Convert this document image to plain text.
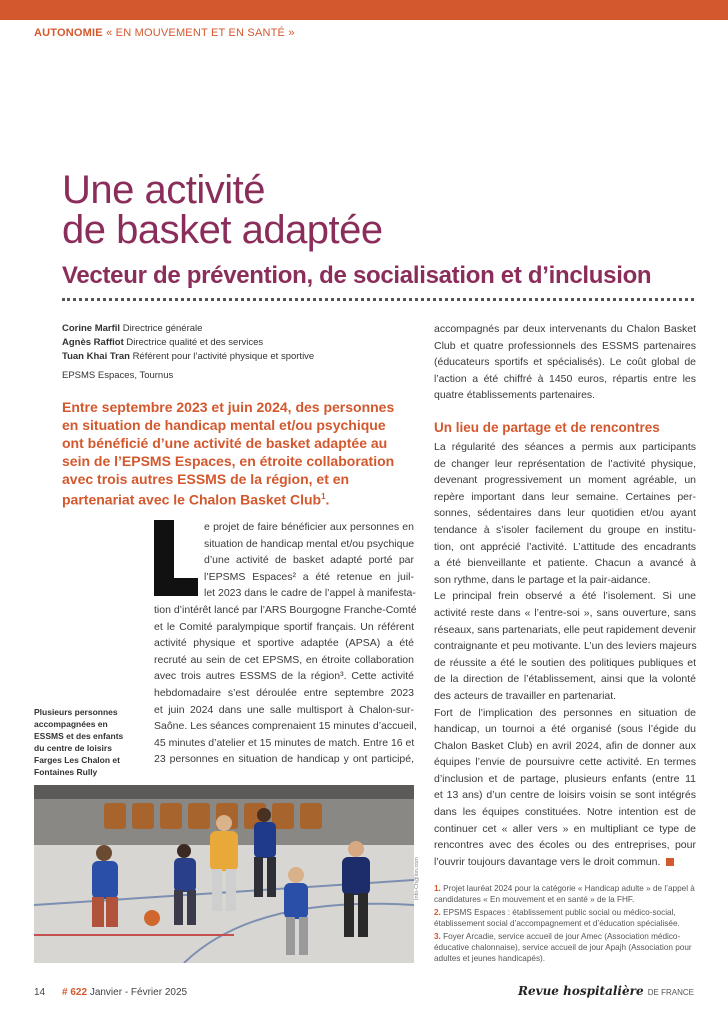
AUTONOMIE « EN MOUVEMENT ET EN SANTÉ »
Une activité
de basket adaptée
Vecteur de prévention, de socialisation et d’inclusion
Corine Marfil Directrice générale
Agnès Raffiot Directrice qualité et des services
Tuan Khai Tran Référent pour l’activité physique et sportive
EPSMS Espaces, Tournus
Entre septembre 2023 et juin 2024, des personnes en situation de handicap mental et/ou psychique ont bénéficié d’une activité de basket adaptée au sein de l’EPSMS Espaces, en étroite collaboration avec trois autres ESSMS de la région, et en partenariat avec le Chalon Basket Club$^1$.
e projet de faire bénéficier aux personnes en
situation de handicap mental et/ou psychique
d’une activité de basket adapté porté par
l’EPSMS Espaces² a été retenue en juil-
let 2023 dans le cadre de l’appel à manifesta-
tion d’intérêt lancé par l’ARS Bourgogne Franche-Comté
et le Comité paralympique sportif français. Un référent
activité physique et sportive adaptée (APSA) a été
recruté au sein de cet EPSMS, en étroite collaboration
avec trois autres ESSMS de la région³. Cette activité
hebdomadaire s’est déroulée entre septembre 2023
et juin 2024 dans une salle multisport à Chalon-sur-
Saône. Les séances comprenaient 15 minutes d’accueil,
45 minutes d’atelier et 15 minutes de match. Entre 16 et
23 personnes en situation de handicap y ont participé,
Plusieurs personnes accompagnées en ESSMS et des enfants du centre de loisirs Farges Les Chalon et Fontaines Rully
Info-Ch@lon.com
accompagnés par deux intervenants du Chalon Basket
Club et quatre professionnels des ESSMS partenaires
(éducateurs sportifs et spécialisés). Le coût global de
l’action a été chiffré à 1450 euros, répartis entre les
quatre établissements partenaires.
Un lieu de partage et de rencontres
La régularité des séances a permis aux participants
de changer leur représentation de l’activité physique,
devenant progressivement un moment agréable, un
repère important dans leur semaine. Certaines per-
sonnes, sédentaires dans leur quotidien et/ou ayant
tendance à s’isoler facilement du groupe en institu-
tion, ont apprécié l’activité. L’attitude des encadrants
a été bienveillante et patiente. Chacun a avancé à
son rythme, dans le partage et la pair-aidance.
Le principal frein observé a été l’isolement. Si une
activité reste dans « l’entre-soi », sans ouverture, sans
réseaux, sans partenariats, elle peut rapidement devenir
contraignante et peu motivante. L’un des leviers majeurs
de réussite a été le soutien des politiques publiques et
de la direction de l’établissement, ainsi que la volonté
des acteurs de travailler en partenariat.
Fort de l’implication des personnes en situation de
handicap, un tournoi a été organisé (sous l’égide du
Chalon Basket Club) en avril 2024, afin de donner aux
équipes l’envie de poursuivre cette activité. En termes
d’inclusion et de partage, plusieurs enfants (entre 11
et 13 ans) d’un centre de loisirs voisin se sont intégrés
dans les équipes constituées. Notre intention est de
continuer cet « aller vers » en multipliant ce type de
rencontres avec des écoles ou des entreprises, pour
l’ouvrir toujours davantage vers le droit commun.

1. Projet lauréat 2024 pour la catégorie « Handicap adulte » de l’appel à candidatures « En mouvement et en santé » de la FHF.

2. EPSMS Espaces : établissement public social ou médico-social, établissement social d’accompagnement et d’éducation spécialisée.

3. Foyer Arcadie, service accueil de jour Amec (Association médico-éducative chalonnaise), service accueil de jour Apajh (Association pour adultes et jeunes handicapés).

14 # 622 Janvier - Février 2025	Revue hospitalière DE FRANCE
